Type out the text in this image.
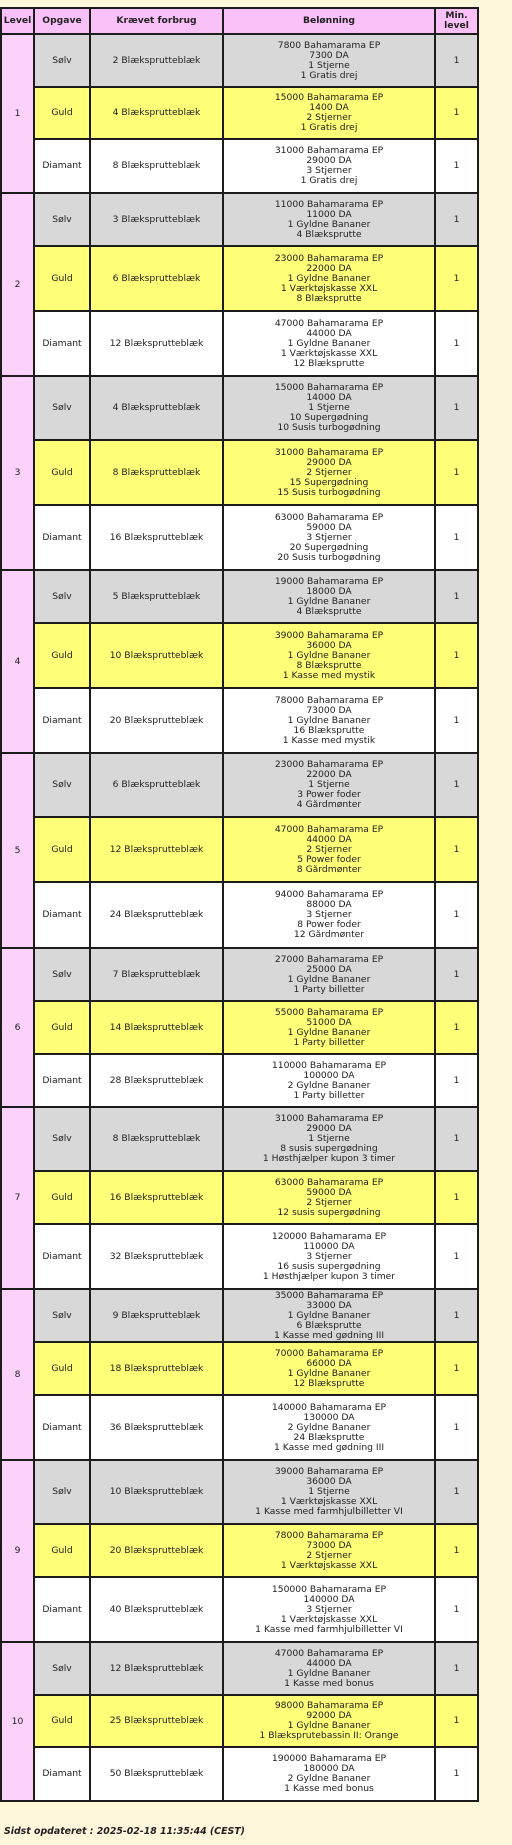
Level	Opgave	Krævet forbrug	Belønning	Min. level
1	Sølv	2 Blæksprutteblæk	7800 Bahamarama EP
7300 DA
1 Stjerne
1 Gratis drej	1
	Guld	4 Blæksprutteblæk	15000 Bahamarama EP
1400 DA
2 Stjerner
1 Gratis drej	1
	Diamant	8 Blæksprutteblæk	31000 Bahamarama EP
29000 DA
3 Stjerner
1 Gratis drej	1
2	Sølv	3 Blæksprutteblæk	11000 Bahamarama EP
11000 DA
1 Gyldne Bananer
4 Blæksprutte	1
	Guld	6 Blæksprutteblæk	23000 Bahamarama EP
22000 DA
1 Gyldne Bananer
1 Værktøjskasse XXL
8 Blæksprutte	1
	Diamant	12 Blæksprutteblæk	47000 Bahamarama EP
44000 DA
1 Gyldne Bananer
1 Værktøjskasse XXL
12 Blæksprutte	1
3	Sølv	4 Blæksprutteblæk	15000 Bahamarama EP
14000 DA
1 Stjerne
10 Supergødning
10 Susis turbogødning	1
	Guld	8 Blæksprutteblæk	31000 Bahamarama EP
29000 DA
2 Stjerner
15 Supergødning
15 Susis turbogødning	1
	Diamant	16 Blæksprutteblæk	63000 Bahamarama EP
59000 DA
3 Stjerner
20 Supergødning
20 Susis turbogødning	1
4	Sølv	5 Blæksprutteblæk	19000 Bahamarama EP
18000 DA
1 Gyldne Bananer
4 Blæksprutte	1
	Guld	10 Blæksprutteblæk	39000 Bahamarama EP
36000 DA
1 Gyldne Bananer
8 Blæksprutte
1 Kasse med mystik	1
	Diamant	20 Blæksprutteblæk	78000 Bahamarama EP
73000 DA
1 Gyldne Bananer
16 Blæksprutte
1 Kasse med mystik	1
5	Sølv	6 Blæksprutteblæk	23000 Bahamarama EP
22000 DA
1 Stjerne
3 Power foder
4 Gårdmønter	1
	Guld	12 Blæksprutteblæk	47000 Bahamarama EP
44000 DA
2 Stjerner
5 Power foder
8 Gårdmønter	1
	Diamant	24 Blæksprutteblæk	94000 Bahamarama EP
88000 DA
3 Stjerner
8 Power foder
12 Gårdmønter	1
6	Sølv	7 Blæksprutteblæk	27000 Bahamarama EP
25000 DA
1 Gyldne Bananer
1 Party billetter	1
	Guld	14 Blæksprutteblæk	55000 Bahamarama EP
51000 DA
1 Gyldne Bananer
1 Party billetter	1
	Diamant	28 Blæksprutteblæk	110000 Bahamarama EP
100000 DA
2 Gyldne Bananer
1 Party billetter	1
7	Sølv	8 Blæksprutteblæk	31000 Bahamarama EP
29000 DA
1 Stjerne
8 susis supergødning
1 Høsthjælper kupon 3 timer	1
	Guld	16 Blæksprutteblæk	63000 Bahamarama EP
59000 DA
2 Stjerner
12 susis supergødning	1
	Diamant	32 Blæksprutteblæk	120000 Bahamarama EP
110000 DA
3 Stjerner
16 susis supergødning
1 Høsthjælper kupon 3 timer	1
8	Sølv	9 Blæksprutteblæk	35000 Bahamarama EP
33000 DA
1 Gyldne Bananer
6 Blæksprutte
1 Kasse med gødning III	1
	Guld	18 Blæksprutteblæk	70000 Bahamarama EP
66000 DA
1 Gyldne Bananer
12 Blæksprutte	1
	Diamant	36 Blæksprutteblæk	140000 Bahamarama EP
130000 DA
2 Gyldne Bananer
24 Blæksprutte
1 Kasse med gødning III	1
9	Sølv	10 Blæksprutteblæk	39000 Bahamarama EP
36000 DA
1 Stjerne
1 Værktøjskasse XXL
1 Kasse med farmhjulbilletter VI	1
	Guld	20 Blæksprutteblæk	78000 Bahamarama EP
73000 DA
2 Stjerner
1 Værktøjskasse XXL	1
	Diamant	40 Blæksprutteblæk	150000 Bahamarama EP
140000 DA
3 Stjerner
1 Værktøjskasse XXL
1 Kasse med farmhjulbilletter VI	1
10	Sølv	12 Blæksprutteblæk	47000 Bahamarama EP
44000 DA
1 Gyldne Bananer
1 Kasse med bonus	1
	Guld	25 Blæksprutteblæk	98000 Bahamarama EP
92000 DA
1 Gyldne Bananer
1 Blæksprutebassin II: Orange	1
	Diamant	50 Blæksprutteblæk	190000 Bahamarama EP
180000 DA
2 Gyldne Bananer
1 Kasse med bonus	1
Sidst opdateret : 2025-02-18 11:35:44 (CEST)
